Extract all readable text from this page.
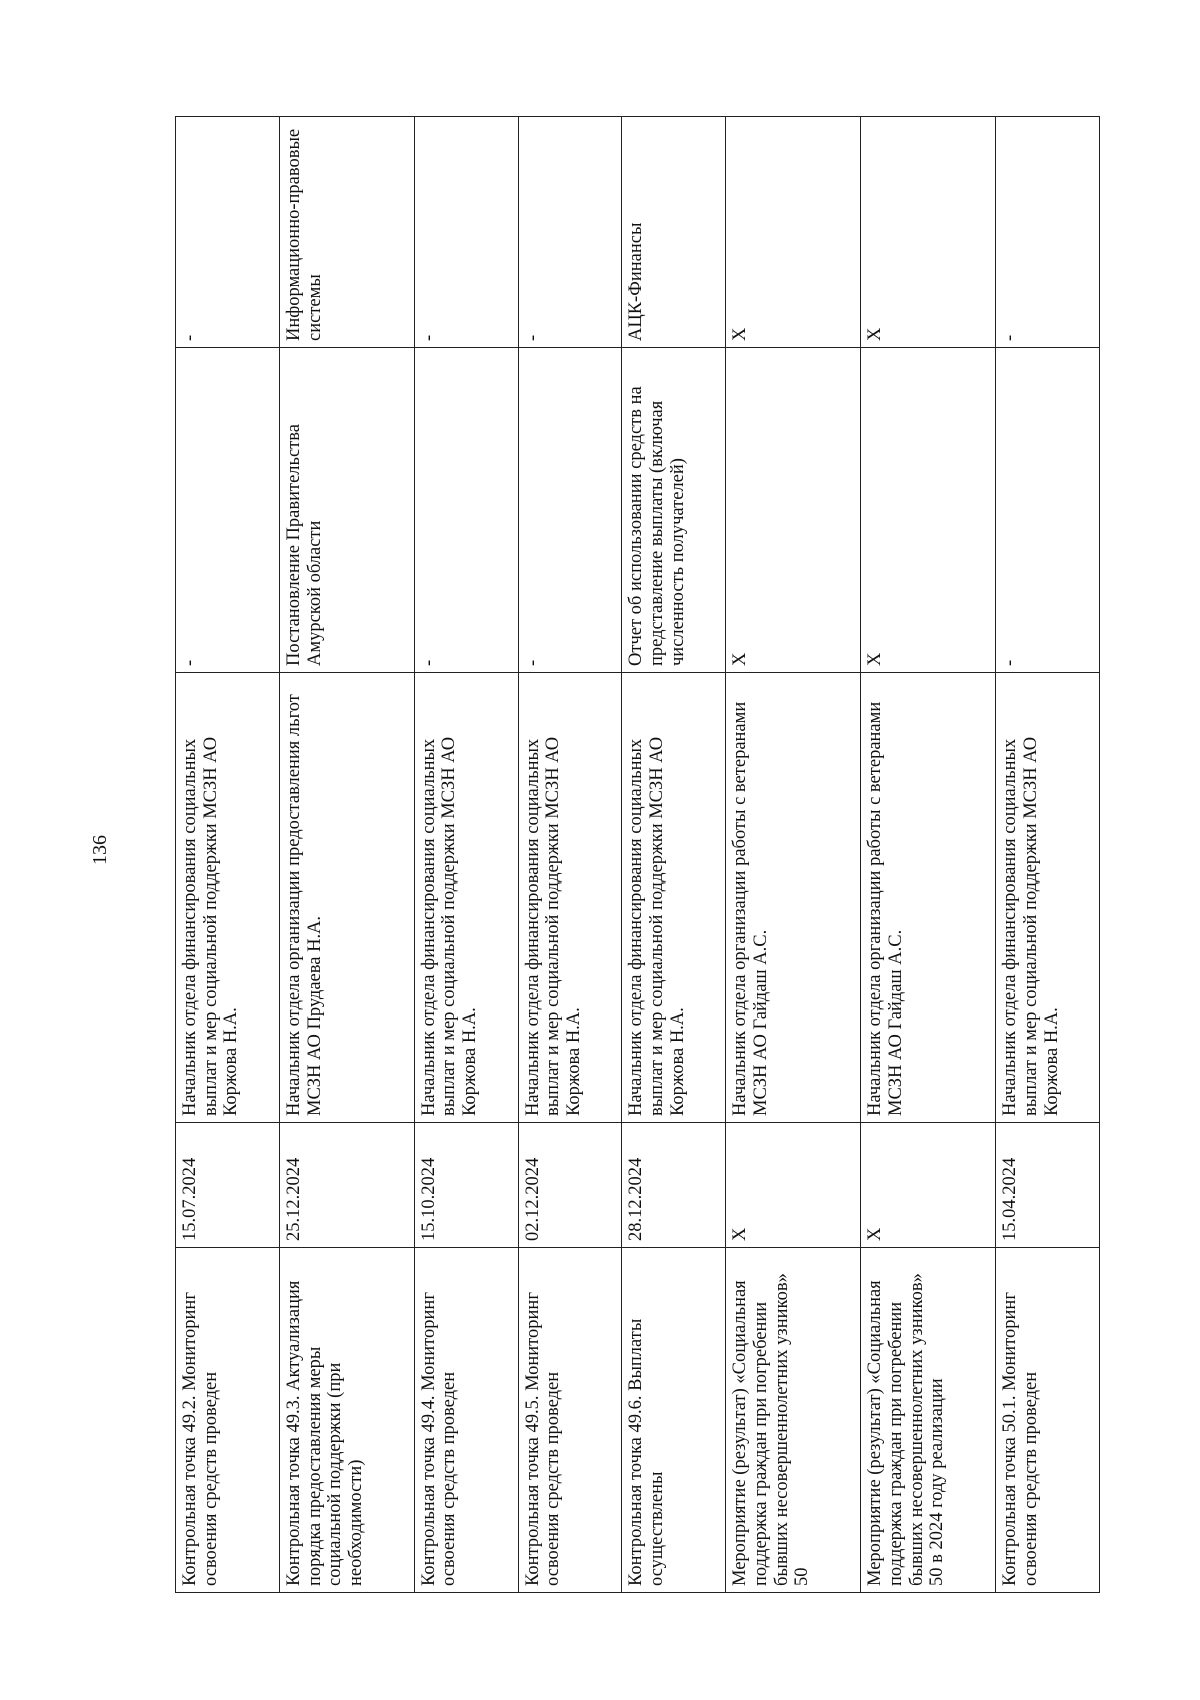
136
Контрольная точка 49.2. Мониторинг освоения средств проведен	15.07.2024	Начальник отдела финансирования социальных выплат и мер социальной поддержки МСЗН АО Коржова Н.А.	-	-
Контрольная точка 49.3. Актуализация порядка предоставления меры социальной поддержки (при необходимости)	25.12.2024	Начальник отдела организации предоставления льгот МСЗН АО Прудаева Н.А.	Постановление Правительства Амурской области	Информационно-правовые системы
Контрольная точка 49.4. Мониторинг освоения средств проведен	15.10.2024	Начальник отдела финансирования социальных выплат и мер социальной поддержки МСЗН АО Коржова Н.А.	-	-
Контрольная точка 49.5. Мониторинг освоения средств проведен	02.12.2024	Начальник отдела финансирования социальных выплат и мер социальной поддержки МСЗН АО Коржова Н.А.	-	-
Контрольная точка 49.6. Выплаты осуществлены	28.12.2024	Начальник отдела финансирования социальных выплат и мер социальной поддержки МСЗН АО Коржова Н.А.	Отчет об использовании средств на представление выплаты (включая численность получателей)	АЦК-Финансы
Мероприятие (результат) «Социальная поддержка граждан при погребении бывших несовершеннолетних узников» 50	Х	Начальник отдела организации работы с ветеранами МСЗН АО Гайдаш А.С.	Х	Х
Мероприятие (результат) «Социальная поддержка граждан при погребении бывших несовершеннолетних узников» 50 в 2024 году реализации	Х	Начальник отдела организации работы с ветеранами МСЗН АО Гайдаш А.С.	Х	Х
Контрольная точка 50.1. Мониторинг освоения средств проведен	15.04.2024	Начальник отдела финансирования социальных выплат и мер социальной поддержки МСЗН АО Коржова Н.А.	-	-
